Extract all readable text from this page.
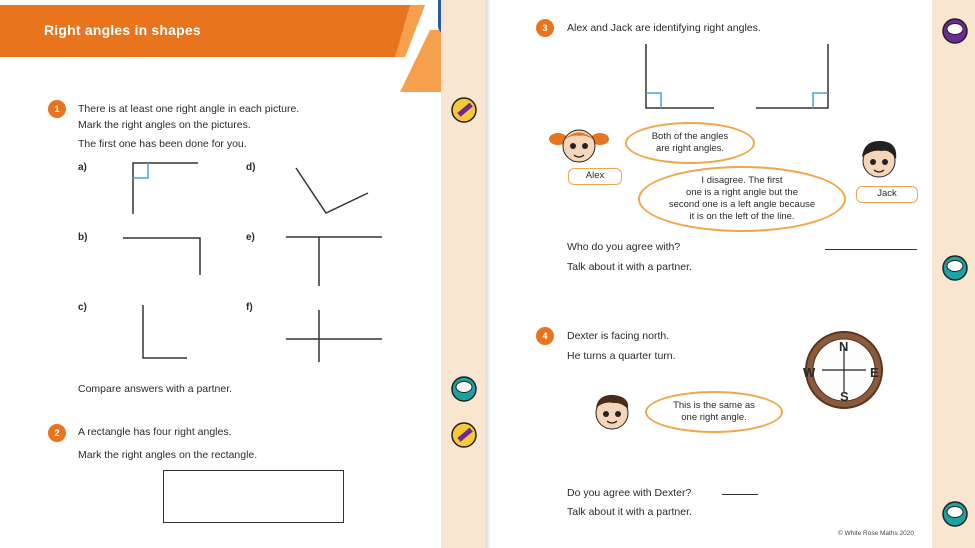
Right angles in shapes
1	There is at least one right angle in each picture.
Mark the right angles on the pictures.
The first one has been done for you.
a)
b)
c)
d)
e)
f)
Compare answers with a partner.
2	A rectangle has four right angles.
Mark the right angles on the rectangle.
3	Alex and Jack are identifying right angles.
Alex
Both of the angles
are right angles.
Jack
I disagree. The first
one is a right angle but the
second one is a left angle because
it is on the left of the line.
Who do you agree with?
Talk about it with a partner.
4	Dexter is facing north.
He turns a quarter turn.
N
E
S
W
This is the same as
one right angle.
Do you agree with Dexter?
Talk about it with a partner.
© White Rose Maths 2020
